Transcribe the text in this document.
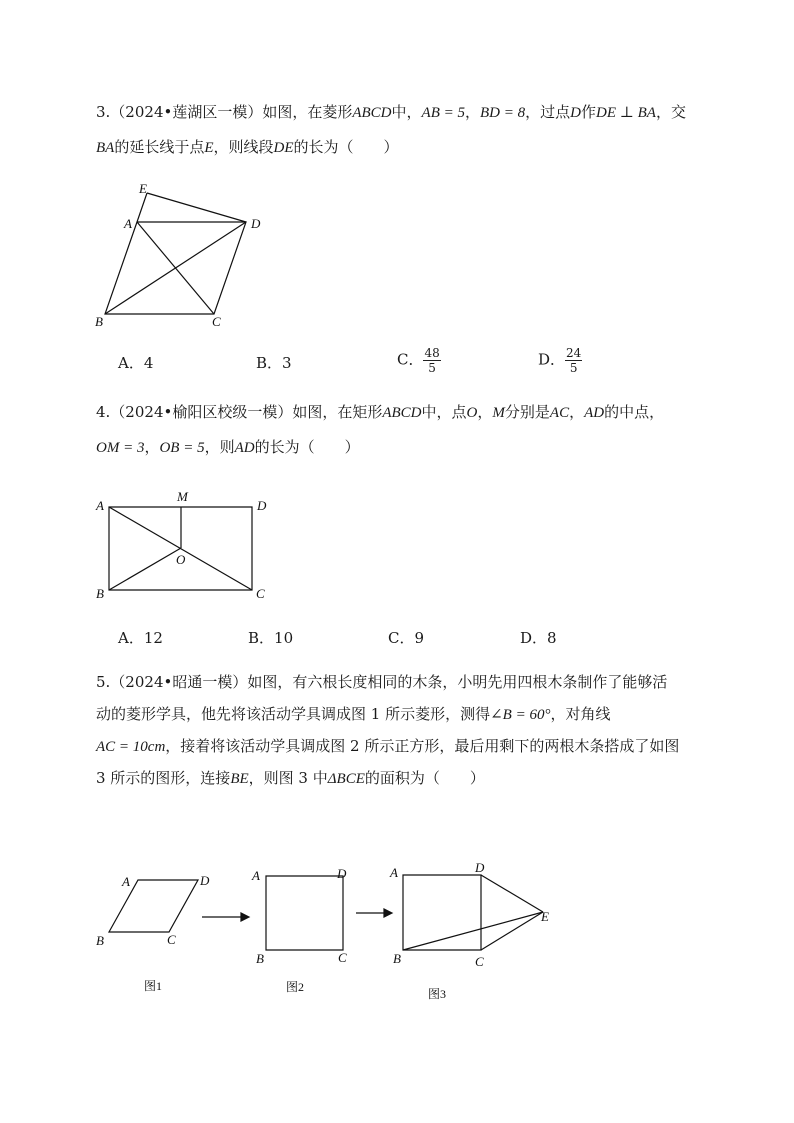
3.（2024•莲湖区一模）如图，在菱形ABCD中，AB = 5，BD = 8，过点D作DE ⊥ BA，交
BA的延长线于点E，则线段DE的长为（　　）
A．4	B．3	C． $\frac{48}{5}$	D． $\frac{24}{5}$
4.（2024•榆阳区校级一模）如图，在矩形ABCD中，点O，M分别是AC，AD的中点，
OM = 3，OB = 5，则AD的长为（　　）
A．12	B．10	C．9	D．8
5.（2024•昭通一模）如图，有六根长度相同的木条，小明先用四根木条制作了能够活
动的菱形学具，他先将该活动学具调成图 1 所示菱形，测得∠B = 60°，对角线
AC = 10cm，接着将该活动学具调成图 2 所示正方形，最后用剩下的两根木条搭成了如图
3 所示的图形，连接BE，则图 3 中ΔBCE的面积为（　　）
E
A	D
B	C
A
M
D
O
B	C
A	D
B	C
图1
A	D
B	C
图2
A	D
E
B	C
图3
